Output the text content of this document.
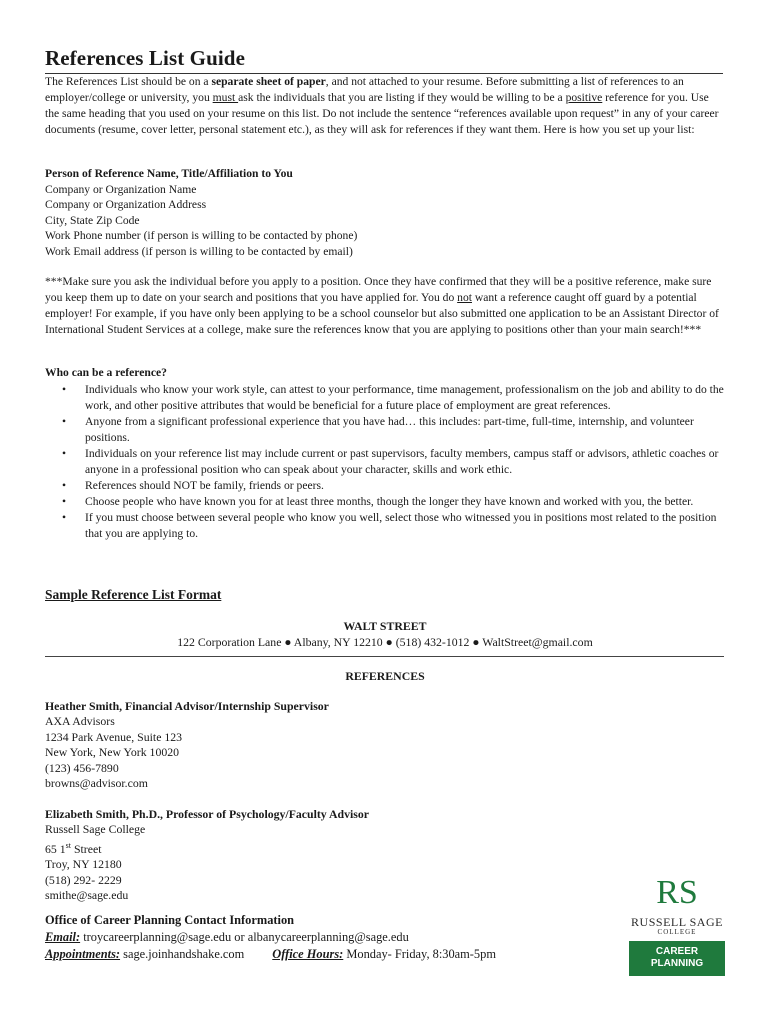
References List Guide
The References List should be on a separate sheet of paper, and not attached to your resume. Before submitting a list of references to an employer/college or university, you must ask the individuals that you are listing if they would be willing to be a positive reference for you. Use the same heading that you used on your resume on this list. Do not include the sentence “references available upon request” in any of your career documents (resume, cover letter, personal statement etc.), as they will ask for references if they want them. Here is how you set up your list:
Person of Reference Name, Title/Affiliation to You
Company or Organization Name
Company or Organization Address
City, State Zip Code
Work Phone number (if person is willing to be contacted by phone)
Work Email address (if person is willing to be contacted by email)
***Make sure you ask the individual before you apply to a position. Once they have confirmed that they will be a positive reference, make sure you keep them up to date on your search and positions that you have applied for. You do not want a reference caught off guard by a potential employer! For example, if you have only been applying to be a school counselor but also submitted one application to be an Assistant Director of International Student Services at a college, make sure the references know that you are applying to positions other than your main search!***
Who can be a reference?
• Individuals who know your work style, can attest to your performance, time management, professionalism on the job and ability to do the work, and other positive attributes that would be beneficial for a future place of employment are great references.
• Anyone from a significant professional experience that you have had… this includes: part-time, full-time, internship, and volunteer positions.
• Individuals on your reference list may include current or past supervisors, faculty members, campus staff or advisors, athletic coaches or anyone in a professional position who can speak about your character, skills and work ethic.
• References should NOT be family, friends or peers.
• Choose people who have known you for at least three months, though the longer they have known and worked with you, the better.
• If you must choose between several people who know you well, select those who witnessed you in positions most related to the position that you are applying to.
Sample Reference List Format
WALT STREET
122 Corporation Lane ● Albany, NY 12210 ● (518) 432-1012 ● WaltStreet@gmail.com
REFERENCES
Heather Smith, Financial Advisor/Internship Supervisor
AXA Advisors
1234 Park Avenue, Suite 123
New York, New York 10020
(123) 456-7890
browns@advisor.com
Elizabeth Smith, Ph.D., Professor of Psychology/Faculty Advisor
Russell Sage College
65 1st Street
Troy, NY 12180
(518) 292- 2229
smithe@sage.edu
Office of Career Planning Contact Information
Email: troycareerplanning@sage.edu or albanycareerplanning@sage.edu
Appointments: sage.joinhandshake.com Office Hours: Monday- Friday, 8:30am-5pm
RS
RUSSELL SAGE
COLLEGE
CAREER
PLANNING
